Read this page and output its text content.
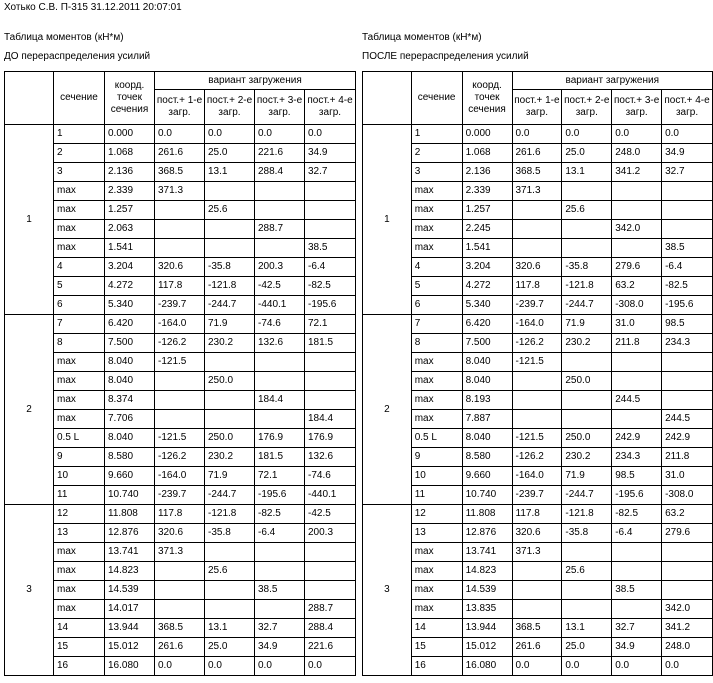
Хотько С.В. П-315 31.12.2011 20:07:01
Таблица моментов (кН*м)
ДО перераспределения усилий
Таблица моментов (кН*м)
ПОСЛЕ перераспределения усилий
	сечение	коорд. точек сечения	вариант загружения			
			пост.+ 1-е загр.	пост.+ 2-е загр.	пост.+ 3-е загр.	пост.+ 4-е загр.
1	1	0.000	0.0	0.0	0.0	0.0
	2	1.068	261.6	25.0	221.6	34.9
	3	2.136	368.5	13.1	288.4	32.7
	max	2.339	371.3			
	max	1.257		25.6		
	max	2.063			288.7	
	max	1.541				38.5
	4	3.204	320.6	-35.8	200.3	-6.4
	5	4.272	117.8	-121.8	-42.5	-82.5
	6	5.340	-239.7	-244.7	-440.1	-195.6
2	7	6.420	-164.0	71.9	-74.6	72.1
	8	7.500	-126.2	230.2	132.6	181.5
	max	8.040	-121.5			
	max	8.040		250.0		
	max	8.374			184.4	
	max	7.706				184.4
	0.5 L	8.040	-121.5	250.0	176.9	176.9
	9	8.580	-126.2	230.2	181.5	132.6
	10	9.660	-164.0	71.9	72.1	-74.6
	11	10.740	-239.7	-244.7	-195.6	-440.1
3	12	11.808	117.8	-121.8	-82.5	-42.5
	13	12.876	320.6	-35.8	-6.4	200.3
	max	13.741	371.3			
	max	14.823		25.6		
	max	14.539			38.5	
	max	14.017				288.7
	14	13.944	368.5	13.1	32.7	288.4
	15	15.012	261.6	25.0	34.9	221.6
	16	16.080	0.0	0.0	0.0	0.0
	сечение	коорд. точек сечения	вариант загружения			
			пост.+ 1-е загр.	пост.+ 2-е загр.	пост.+ 3-е загр.	пост.+ 4-е загр.
1	1	0.000	0.0	0.0	0.0	0.0
	2	1.068	261.6	25.0	248.0	34.9
	3	2.136	368.5	13.1	341.2	32.7
	max	2.339	371.3			
	max	1.257		25.6		
	max	2.245			342.0	
	max	1.541				38.5
	4	3.204	320.6	-35.8	279.6	-6.4
	5	4.272	117.8	-121.8	63.2	-82.5
	6	5.340	-239.7	-244.7	-308.0	-195.6
2	7	6.420	-164.0	71.9	31.0	98.5
	8	7.500	-126.2	230.2	211.8	234.3
	max	8.040	-121.5			
	max	8.040		250.0		
	max	8.193			244.5	
	max	7.887				244.5
	0.5 L	8.040	-121.5	250.0	242.9	242.9
	9	8.580	-126.2	230.2	234.3	211.8
	10	9.660	-164.0	71.9	98.5	31.0
	11	10.740	-239.7	-244.7	-195.6	-308.0
3	12	11.808	117.8	-121.8	-82.5	63.2
	13	12.876	320.6	-35.8	-6.4	279.6
	max	13.741	371.3			
	max	14.823		25.6		
	max	14.539			38.5	
	max	13.835				342.0
	14	13.944	368.5	13.1	32.7	341.2
	15	15.012	261.6	25.0	34.9	248.0
	16	16.080	0.0	0.0	0.0	0.0
